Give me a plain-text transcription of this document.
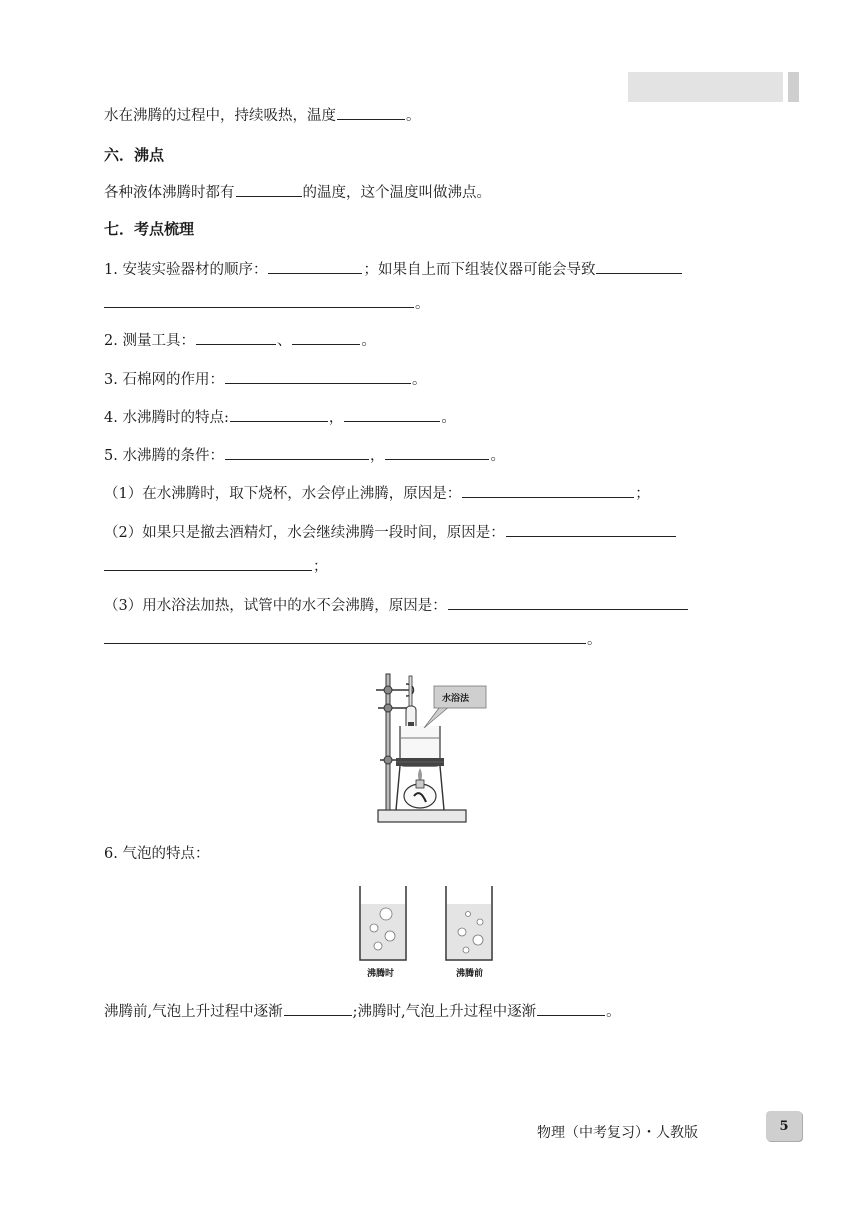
水在沸腾的过程中，持续吸热，温度	。
六．沸点
各种液体沸腾时都有	的温度，这个温度叫做沸点。
七．考点梳理
1. 安装实验器材的顺序：	；如果自上而下组装仪器可能会导致
。
2. 测量工具：	、	。
3. 石棉网的作用：	。
4. 水沸腾时的特点:	，	。
5. 水沸腾的条件：	，	。
（1）在水沸腾时，取下烧杯，水会停止沸腾，原因是：	；
（2）如果只是撤去酒精灯，水会继续沸腾一段时间，原因是：
；
（3）用水浴法加热，试管中的水不会沸腾，原因是：
。
6. 气泡的特点：
沸腾前,气泡上升过程中逐渐	;沸腾时,气泡上升过程中逐渐	。
水浴法
沸腾时	沸腾前
物理（中考复习）・人教版	5
